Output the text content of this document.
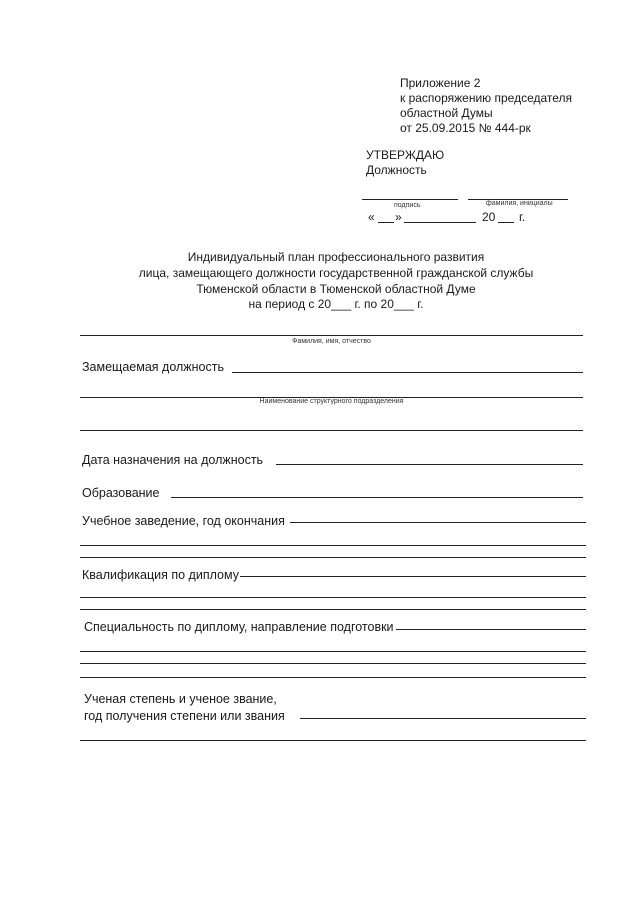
Приложение 2
к распоряжению председателя
областной Думы
от 25.09.2015 № 444-рк
УТВЕРЖДАЮ
Должность
подпись	фамилия, инициалы
« »	20 г.
Индивидуальный план профессионального развития
лица, замещающего должности государственной гражданской службы
Тюменской области в Тюменской областной Думе
на период с 20___ г. по 20___ г.
Фамилия, имя, отчество
Замещаемая должность
Наименование структурного подразделения
Дата назначения на должность
Образование
Учебное заведение, год окончания
Квалификация по диплому
Специальность по диплому, направление подготовки
Ученая степень и ученое звание,
год получения степени или звания
